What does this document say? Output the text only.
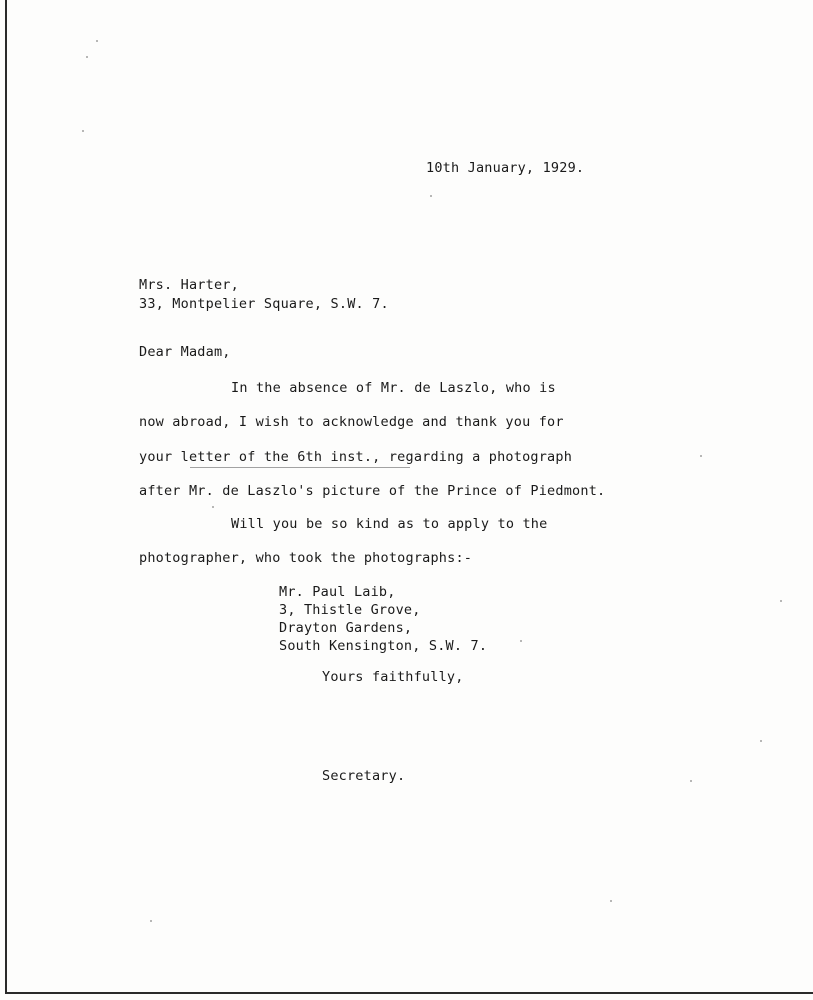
10th January, 1929.
Mrs. Harter,
33, Montpelier Square, S.W. 7.
Dear Madam,
In the absence of Mr. de Laszlo, who is
now abroad, I wish to acknowledge and thank you for
your letter of the 6th inst., regarding a photograph
after Mr. de Laszlo's picture of the Prince of Piedmont.
Will you be so kind as to apply to the
photographer, who took the photographs:-
Mr. Paul Laib,
3, Thistle Grove,
Drayton Gardens,
South Kensington, S.W. 7.
Yours faithfully,
Secretary.
